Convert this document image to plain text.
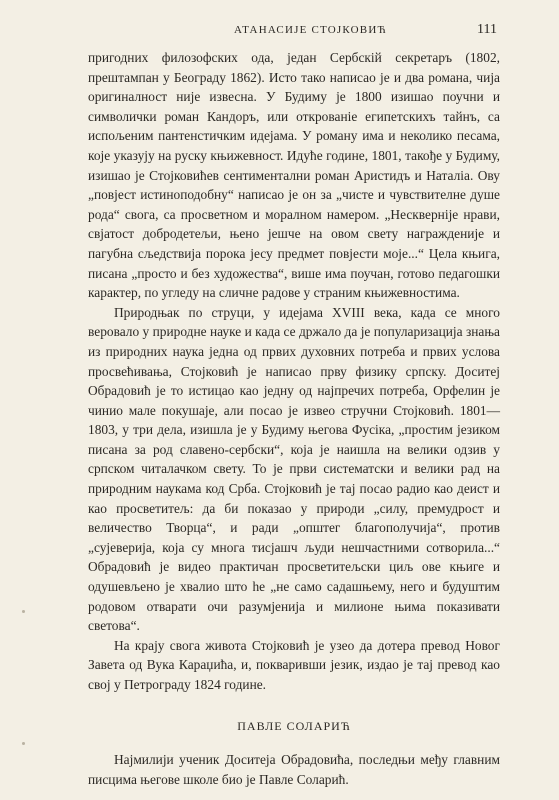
АТАНАСИЈЕ СТОЈКОВИЋ	111

пригодних филозофских ода, један Сербскій секретаръ (1802, прештампан у Београду 1862). Исто тако написао је и два романа, чија оригиналност није извесна. У Будиму је 1800 изишао поучни и символички роман Кандоръ, или открованіе египетскихъ тайнъ, са испољеним пантенстичким идејама. У роману има и неколико песама, које указују на руску књижевност. Идуће године, 1801, такође у Будиму, изишао је Стојковићев сентиментални роман Аристидъ и Наталіа. Ову „повјест истиноподобну“ написао је он за „чисте и чувствителне душе рода“ свога, са просветном и моралном намером. „Несквернije нрави, свјатост добродетељи, њено јешче на овом свету награжденије и пагубна сљедствија порока јесу предмет повјести моје...“ Цела књига, писана „просто и без художества“, више има поучан, готово педагошки карактер, по угледу на сличне радове у страним књижевностима.

Природњак по струци, у идејама XVIII века, када се много веровало у природне науке и када се држало да је популаризација знања из природних наука једна од првих духовних потреба и првих услова просвећивања, Стојковић је написао прву физику српску. Доситеј Обрадовић је то истицао као једну од најпречих потреба, Орфелин је чинио мале покушаје, али посао је извео стручни Стојковић. 1801—1803, у три дела, изишла је у Будиму његова Фусіка, „простим језиком писана за род славено-сербски“, која је наишла на велики одзив у српском читалачком свету. То је први систематски и велики рад на природним наукама код Срба. Стојковић је тај посао радио као деист и као просветитељ: да би показао у природи „силу, премудрост и величество Творца“, и ради „општег благополучија“, против „сујеверија, која су многа тисјашч људи нешчастними сотворила...“ Обрадовић је видео практичан просветитељски циљ ове књиге и одушевљено је хвалио што he „не само садашњему, него и будуштим родовом отварати очи разумјенија и милионе њима показивати светова“.

На крају свога живота Стојковић је узео да дотера превод Новог Завета од Вука Караџића, и, покваривши језик, издао је тај превод као свој у Петрограду 1824 године.

ПАВЛЕ СОЛАРИЋ

Најмилији ученик Доситеја Обрадовића, последњи међу главним писцима његове школе био је Павле Соларић.
